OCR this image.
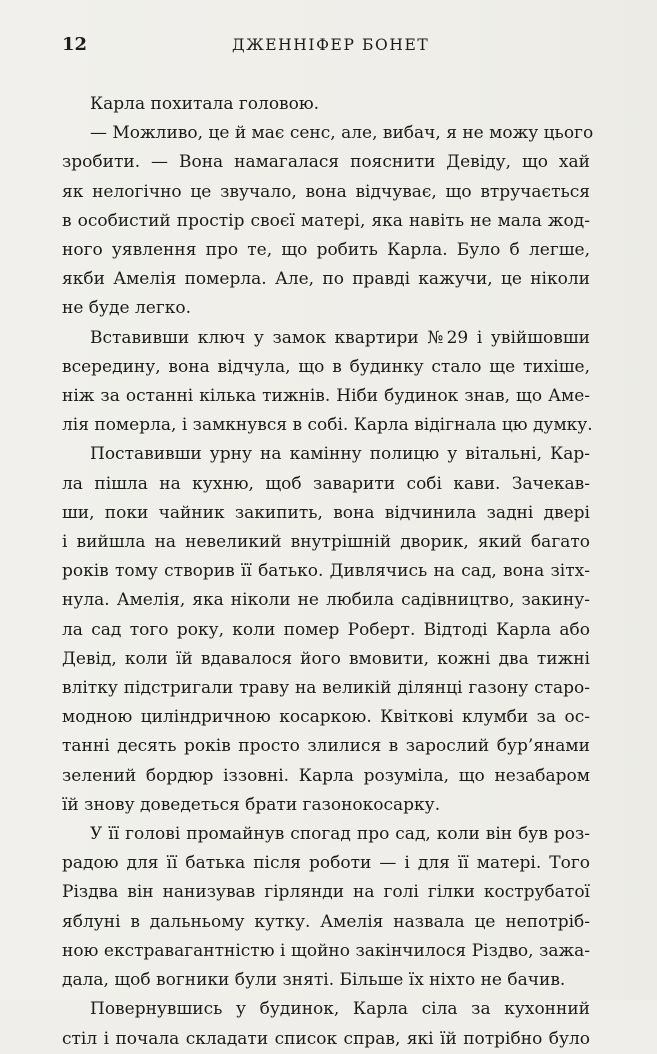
12	ДЖЕННІФЕР БОНЕТ
Карла похитала головою.
— Можливо, це й має сенс, але, вибач, я не можу цього
зробити. — Вона намагалася пояснити Девіду, що хай
як нелогічно це звучало, вона відчуває, що втручається
в особистий простір своєї матері, яка навіть не мала жод-
ного уявлення про те, що робить Карла. Було б легше,
якби Амелія померла. Але, по правді кажучи, це ніколи
не буде легко.
Вставивши ключ у замок квартири №29 і увійшовши
всередину, вона відчула, що в будинку стало ще тихіше,
ніж за останні кілька тижнів. Ніби будинок знав, що Аме-
лія померла, і замкнувся в собі. Карла відігнала цю думку.
Поставивши урну на камінну полицю у вітальні, Кар-
ла пішла на кухню, щоб заварити собі кави. Зачекав-
ши, поки чайник закипить, вона відчинила задні двері
і вийшла на невеликий внутрішній дворик, який багато
років тому створив її батько. Дивлячись на сад, вона зітх-
нула. Амелія, яка ніколи не любила садівництво, закину-
ла сад того року, коли помер Роберт. Відтоді Карла або
Девід, коли їй вдавалося його вмовити, кожні два тижні
влітку підстригали траву на великій ділянці газону старо-
модною циліндричною косаркою. Квіткові клумби за ос-
танні десять років просто злилися в зарослий бур’янами
зелений бордюр іззовні. Карла розуміла, що незабаром
їй знову доведеться брати газонокосарку.
У її голові промайнув спогад про сад, коли він був роз-
радою для її батька після роботи — і для її матері. Того
Різдва він нанизував гірлянди на голі гілки кострубатої
яблуні в дальньому кутку. Амелія назвала це непотріб-
ною екстравагантністю і щойно закінчилося Різдво, зажа-
дала, щоб вогники були зняті. Більше їх ніхто не бачив.
Повернувшись у будинок, Карла сіла за кухонний
стіл і почала складати список справ, які їй потрібно було
